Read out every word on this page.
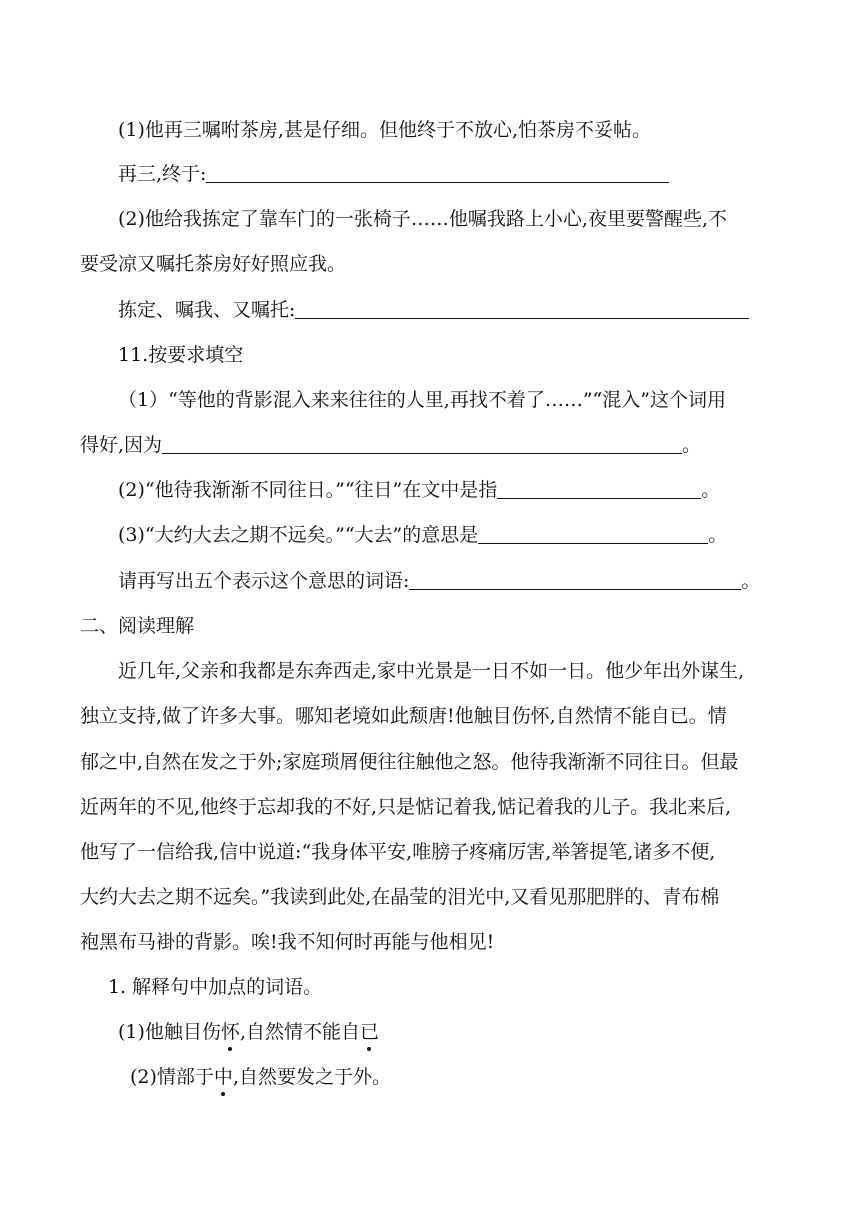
(1)他再三嘱咐茶房,甚是仔细。但他终于不放心,怕茶房不妥帖。
再三,终于:
(2)他给我拣定了靠车门的一张椅子……他嘱我路上小心,夜里要警醒些,不
要受凉又嘱托茶房好好照应我。
拣定、嘱我、又嘱托:
11.按要求填空
（1）“等他的背影混入来来往往的人里,再找不着了……”“混入”这个词用
得好,因为	。
(2)“他待我渐渐不同往日。”“往日”在文中是指	。
(3)“大约大去之期不远矣。”“大去”的意思是	。
请再写出五个表示这个意思的词语:	。
二、阅读理解
近几年,父亲和我都是东奔西走,家中光景是一日不如一日。他少年出外谋生,
独立支持,做了许多大事。哪知老境如此颓唐!他触目伤怀,自然情不能自已。情
郁之中,自然在发之于外;家庭琐屑便往往触他之怒。他待我渐渐不同往日。但最
近两年的不见,他终于忘却我的不好,只是惦记着我,惦记着我的儿子。我北来后,
他写了一信给我,信中说道:“我身体平安,唯膀子疼痛厉害,举箸提笔,诸多不便,
大约大去之期不远矣。”我读到此处,在晶莹的泪光中,又看见那肥胖的、青布棉
袍黑布马褂的背影。唉!我不知何时再能与他相见!
1. 解释句中加点的词语。
(1)他触目伤怀,自然情不能自已
(2)情部于中,自然要发之于外。
